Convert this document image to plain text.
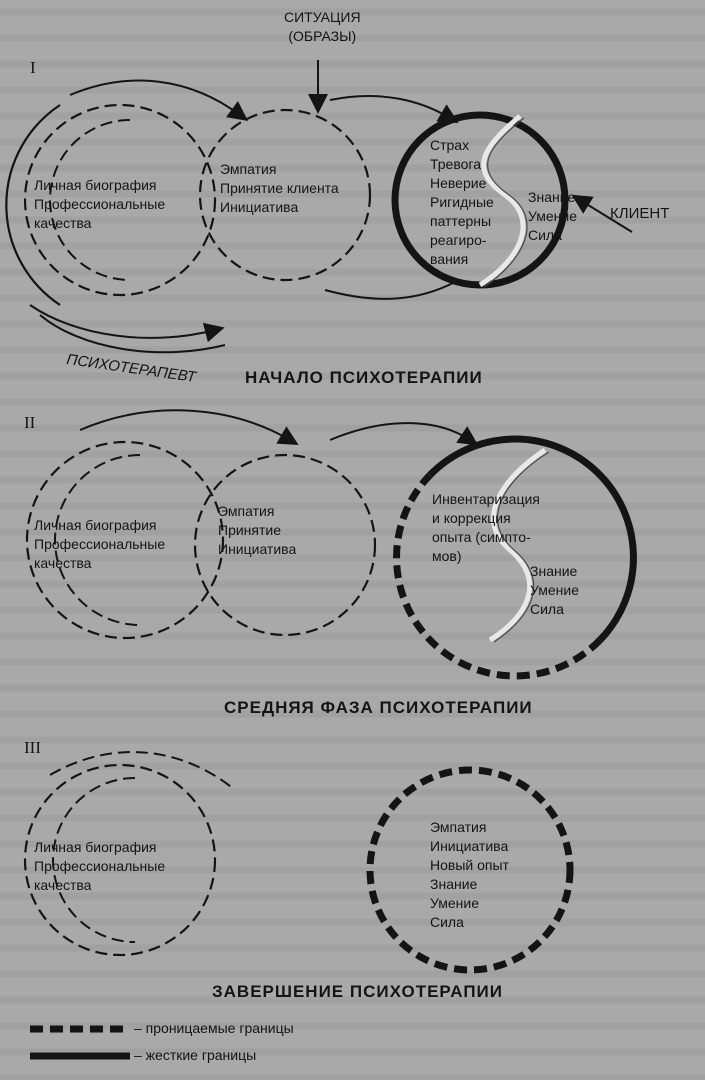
I
СИТУАЦИЯ
(ОБРАЗЫ)
Личная биография
Профессиональные
качества
Эмпатия
Принятие клиента
Инициатива
Страх
Тревога
Неверие
Ригидные
паттерны
реагиро-
вания
Знание
Умение
Сила
КЛИЕНТ
ПСИХОТЕРАПЕВТ	НАЧАЛО ПСИХОТЕРАПИИ
II
Личная биография
Профессиональные
качества
Эмпатия
Принятие
Инициатива
Инвентаризация
и коррекция
опыта (симпто-
мов)
Знание
Умение
Сила
СРЕДНЯЯ ФАЗА ПСИХОТЕРАПИИ
III
Личная биография
Профессиональные
качества
Эмпатия
Инициатива
Новый опыт
Знание
Умение
Сила
ЗАВЕРШЕНИЕ ПСИХОТЕРАПИИ
– проницаемые границы
– жесткие границы
